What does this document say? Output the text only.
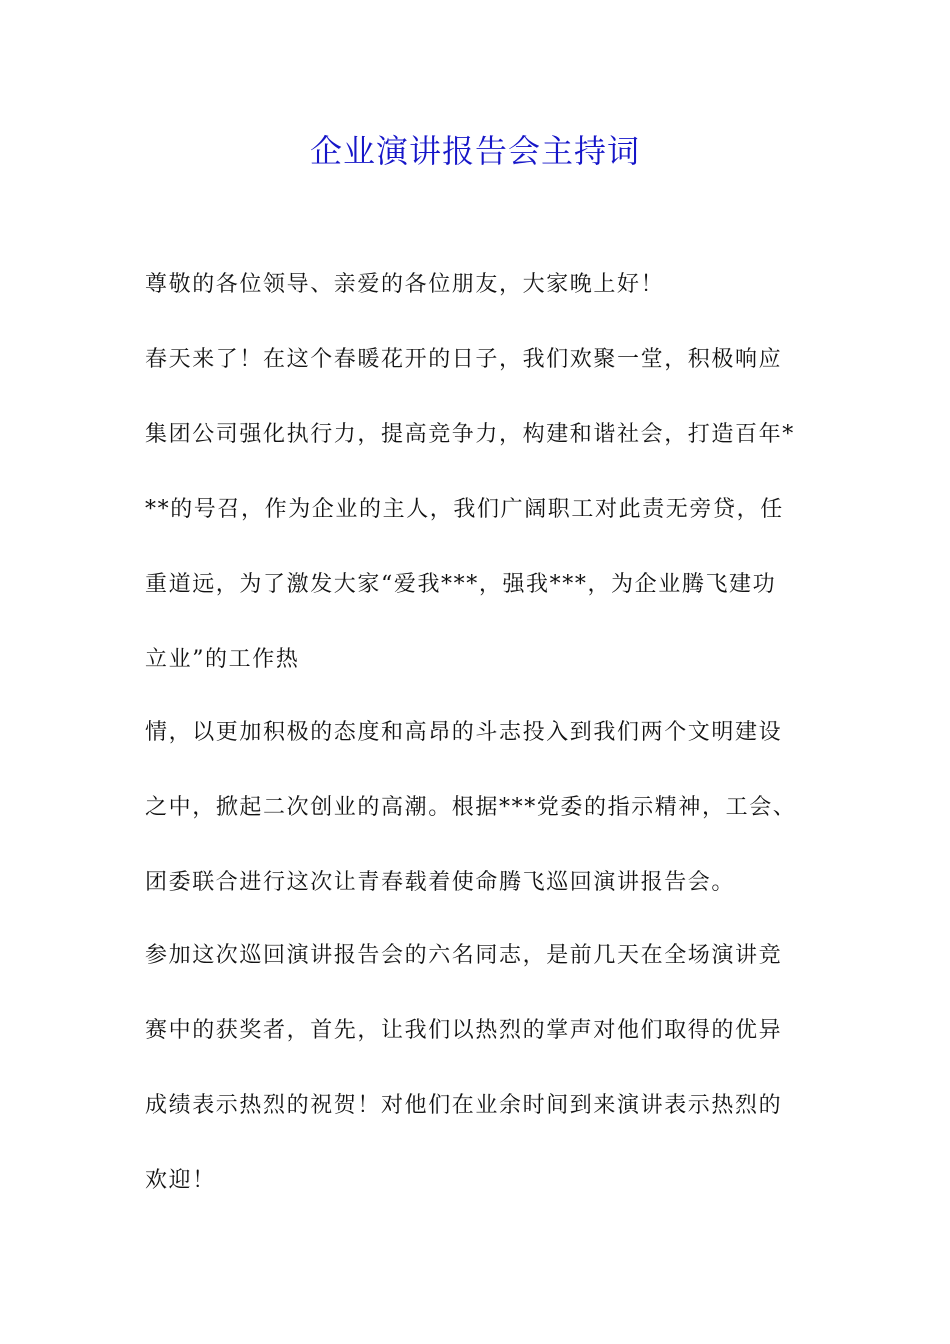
企业演讲报告会主持词

尊敬的各位领导、亲爱的各位朋友，大家晚上好！

春天来了！在这个春暖花开的日子，我们欢聚一堂，积极响应

集团公司强化执行力，提高竞争力，构建和谐社会，打造百年*

**的号召，作为企业的主人，我们广阔职工对此责无旁贷，任

重道远，为了激发大家“爱我***，强我***，为企业腾飞建功

立业”的工作热

情，以更加积极的态度和高昂的斗志投入到我们两个文明建设

之中，掀起二次创业的高潮。根据***党委的指示精神，工会、

团委联合进行这次让青春载着使命腾飞巡回演讲报告会。

参加这次巡回演讲报告会的六名同志，是前几天在全场演讲竞

赛中的获奖者，首先，让我们以热烈的掌声对他们取得的优异

成绩表示热烈的祝贺！对他们在业余时间到来演讲表示热烈的

欢迎！
